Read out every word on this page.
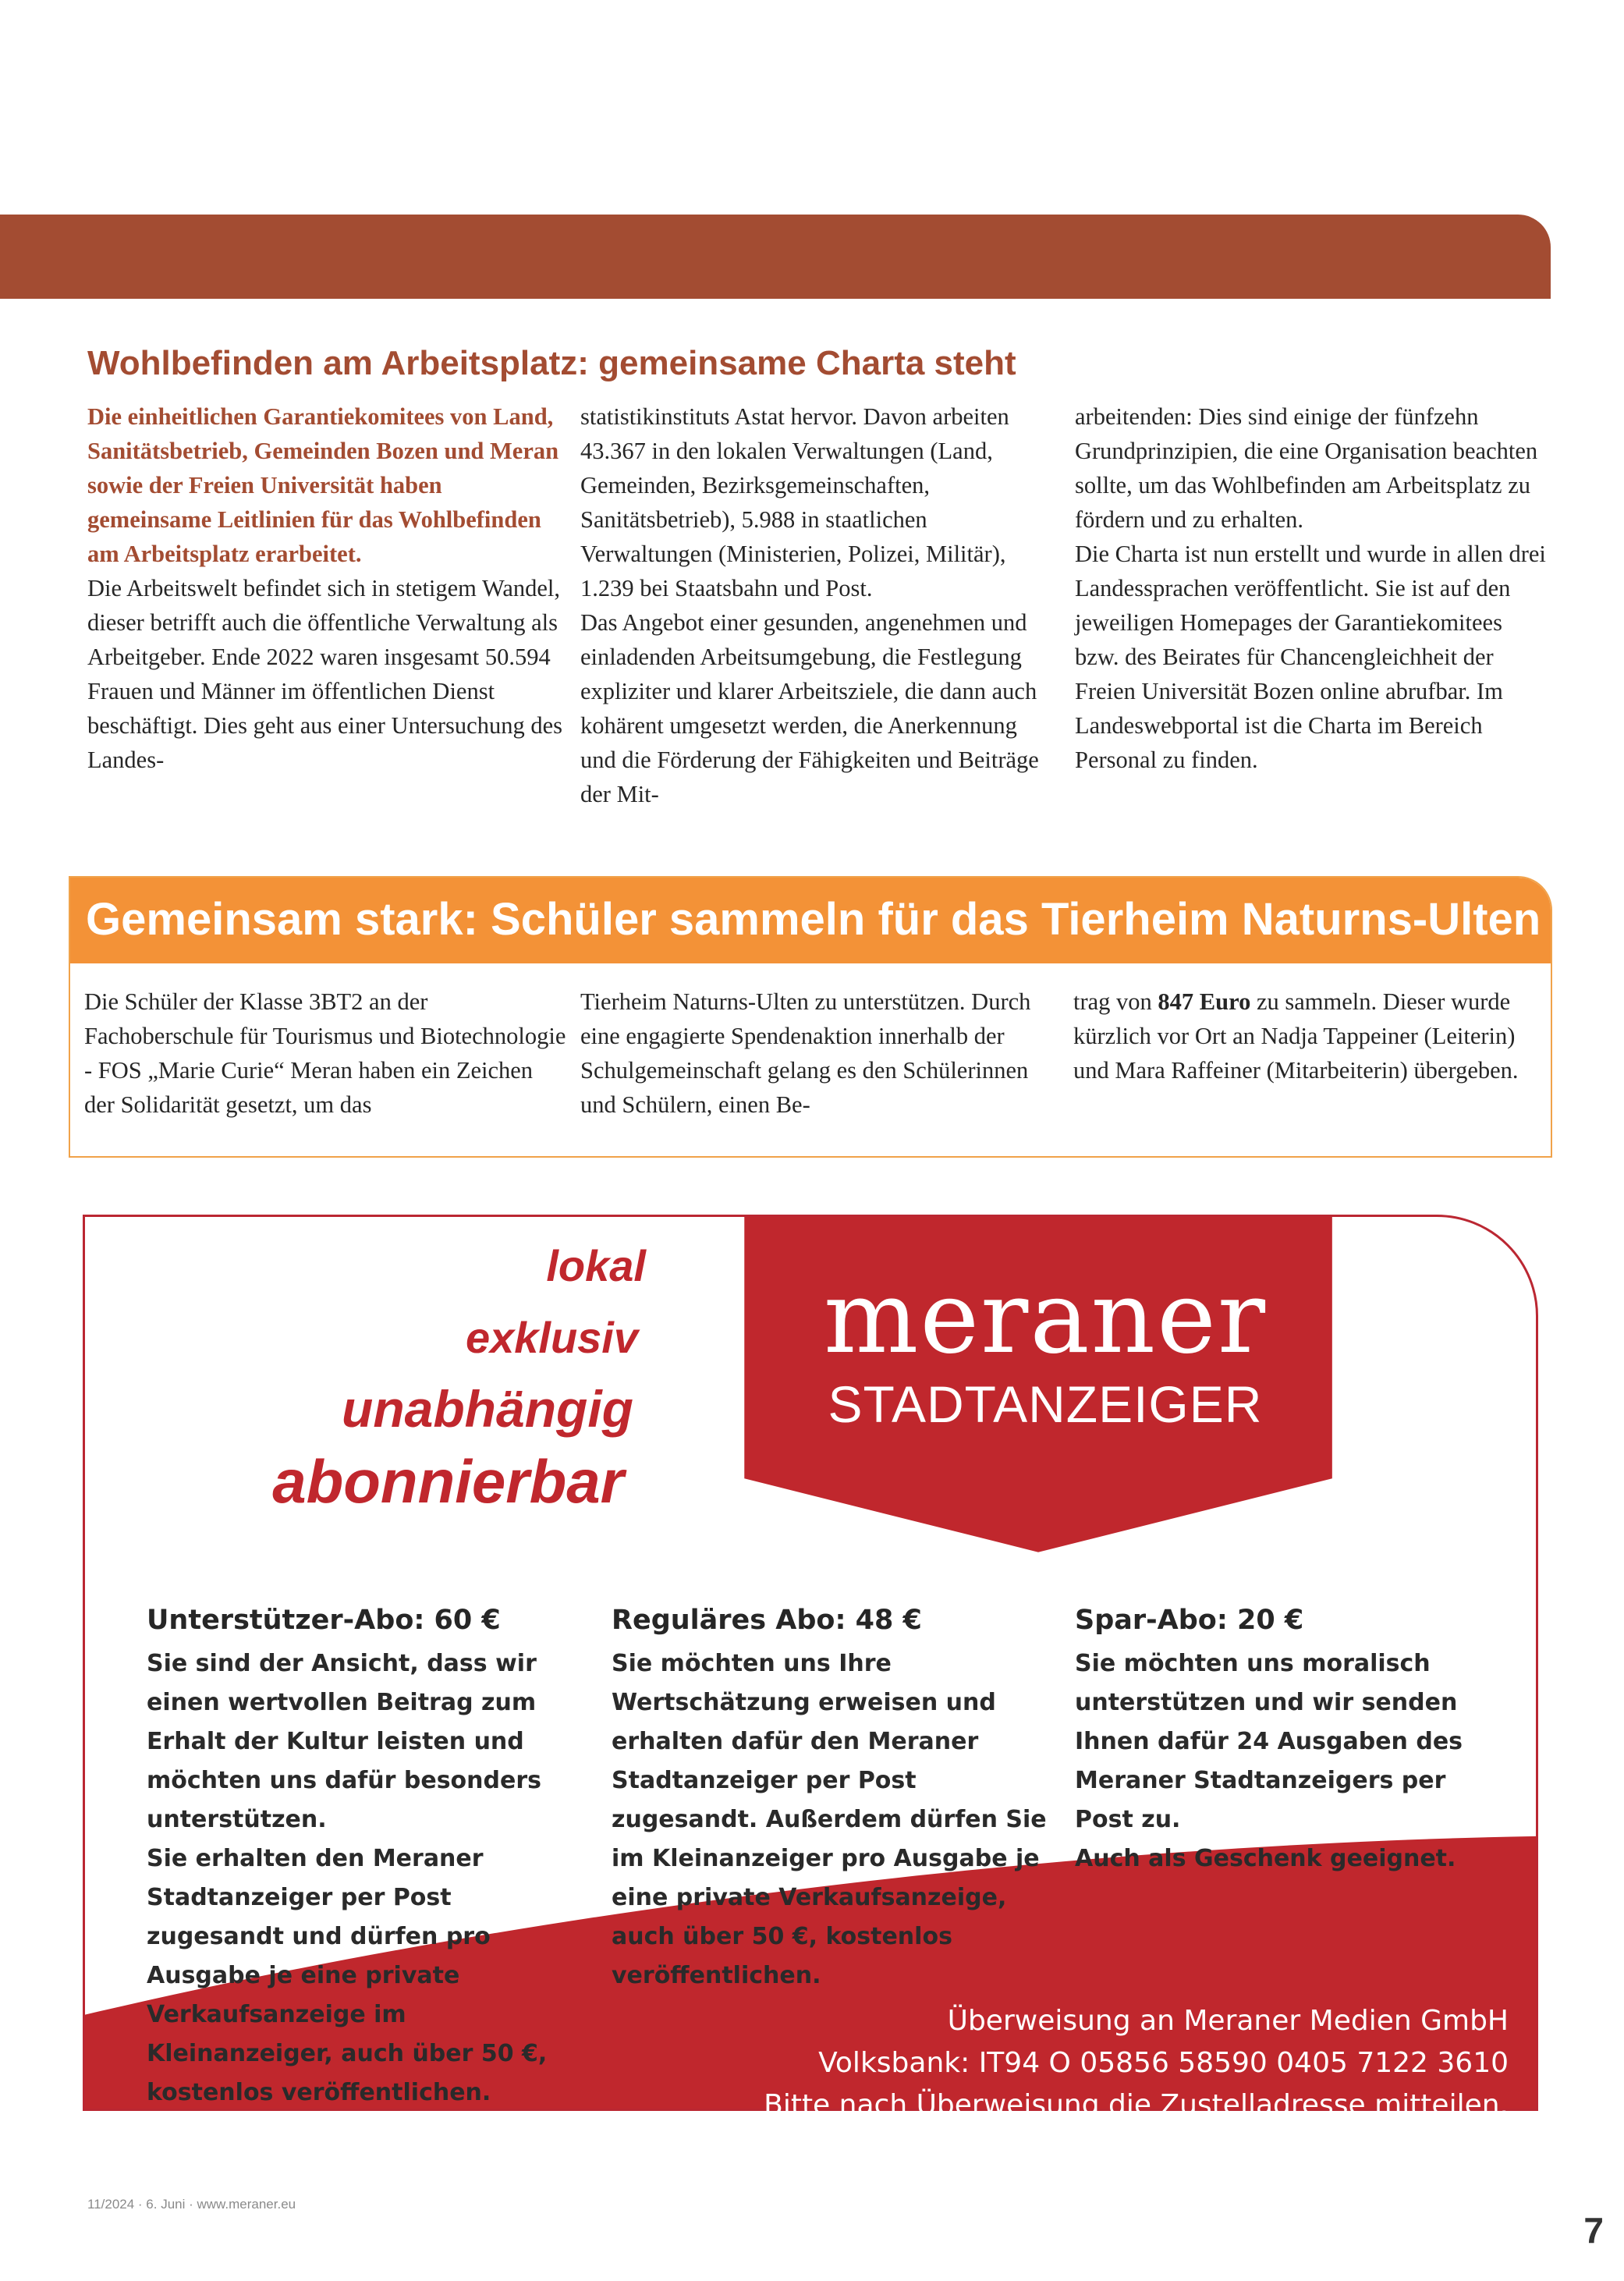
Wohlbefinden am Arbeitsplatz: gemeinsame Charta steht

Die einheitlichen Garantiekomitees von Land, Sanitätsbetrieb, Gemeinden Bozen und Meran sowie der Freien Universität haben gemeinsame Leitlinien für das Wohlbefinden am Arbeitsplatz erarbeitet.

Die Arbeitswelt befindet sich in stetigem Wandel, dieser betrifft auch die öffentliche Verwaltung als Arbeitgeber. Ende 2022 waren insgesamt 50.594 Frauen und Männer im öffentlichen Dienst beschäftigt. Dies geht aus einer Untersuchung des Landes-

statistikinstituts Astat hervor. Davon arbeiten 43.367 in den lokalen Verwaltungen (Land, Gemeinden, Bezirksgemeinschaften, Sanitätsbetrieb), 5.988 in staatlichen Verwaltungen (Ministerien, Polizei, Militär), 1.239 bei Staatsbahn und Post.

Das Angebot einer gesunden, angenehmen und einladenden Arbeitsumgebung, die Festlegung expliziter und klarer Arbeitsziele, die dann auch kohärent umgesetzt werden, die Anerkennung und die Förderung der Fähigkeiten und Beiträge der Mit-

arbeitenden: Dies sind einige der fünfzehn Grundprinzipien, die eine Organisation beachten sollte, um das Wohlbefinden am Arbeitsplatz zu fördern und zu erhalten.

Die Charta ist nun erstellt und wurde in allen drei Landessprachen veröffentlicht. Sie ist auf den jeweiligen Homepages der Garantiekomitees bzw. des Beirates für Chancengleichheit der Freien Universität Bozen online abrufbar. Im Landeswebportal ist die Charta im Bereich Personal zu finden.

Gemeinsam stark: Schüler sammeln für das Tierheim Naturns-Ulten

Die Schüler der Klasse 3BT2 an der Fachoberschule für Tourismus und Biotechnologie - FOS „Marie Curie“ Meran haben ein Zeichen der Solidarität gesetzt, um das

Tierheim Naturns-Ulten zu unterstützen. Durch eine engagierte Spendenaktion innerhalb der Schulgemeinschaft gelang es den Schülerinnen und Schülern, einen Be-

trag von 847 Euro zu sammeln. Dieser wurde kürzlich vor Ort an Nadja Tappeiner (Leiterin) und Mara Raffeiner (Mitarbeiterin) übergeben.

lokal
exklusiv
unabhängig
abonnierbar
meraner
STADTANZEIGER
Unterstützer-Abo: 60 €
Sie sind der Ansicht, dass wir einen wertvollen Beitrag zum Erhalt der Kultur leisten und möchten uns dafür besonders unterstützen.
Sie erhalten den Meraner Stadtanzeiger per Post zugesandt und dürfen pro Ausgabe je eine private Verkaufsanzeige im Kleinanzeiger, auch über 50 €, kostenlos veröffentlichen.
Reguläres Abo: 48 €
Sie möchten uns Ihre Wertschätzung erweisen und erhalten dafür den Meraner Stadtanzeiger per Post zugesandt. Außerdem dürfen Sie im Kleinanzeiger pro Ausgabe je eine private Verkaufsanzeige, auch über 50 €, kostenlos veröffentlichen.
Spar-Abo: 20 €
Sie möchten uns moralisch unterstützen und wir senden Ihnen dafür 24 Ausgaben des Meraner Stadtanzeigers per Post zu.
Auch als Geschenk geeignet.
Überweisung an Meraner Medien GmbH
Volksbank: IT94 O 05856 58590 0405 7122 3610
Bitte nach Überweisung die Zustelladresse mitteilen.
11/2024 · 6. Juni · www.meraner.eu
7
